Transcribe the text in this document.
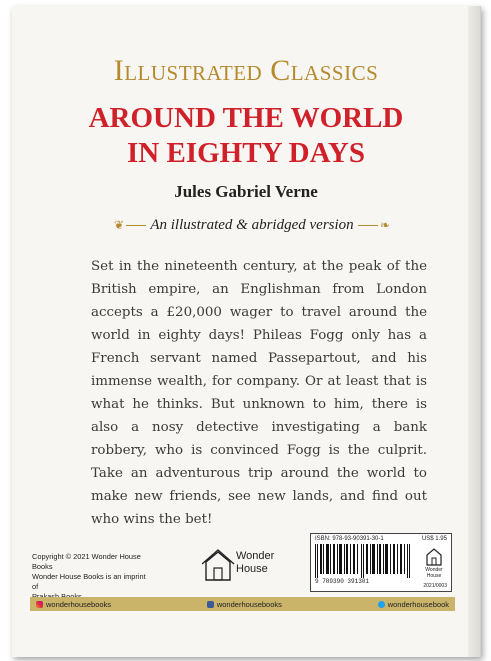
Illustrated Classics
AROUND THE WORLD
IN EIGHTY DAYS
Jules Gabriel Verne
❦ An illustrated & abridged version	❧
Set in the nineteenth century, at the peak of the British empire, an Englishman from London accepts a £20,000 wager to travel around the world in eighty days! Phileas Fogg only has a French servant named Passepartout, and his immense wealth, for company. Or at least that is what he thinks. But unknown to him, there is also a nosy detective investigating a bank robbery, who is convinced Fogg is the culprit. Take an adventurous trip around the world to make new friends, see new lands, and find out who wins the bet!
Copyright © 2021 Wonder House Books
Wonder House Books is an imprint of
Wonder
House
ISBN: 978-93-90391-30-1	US$ 1.95
9 789390 391301
Wonder House
2021/0003
wonderhousebooks	wonderhousebooks	wonderhousebook
